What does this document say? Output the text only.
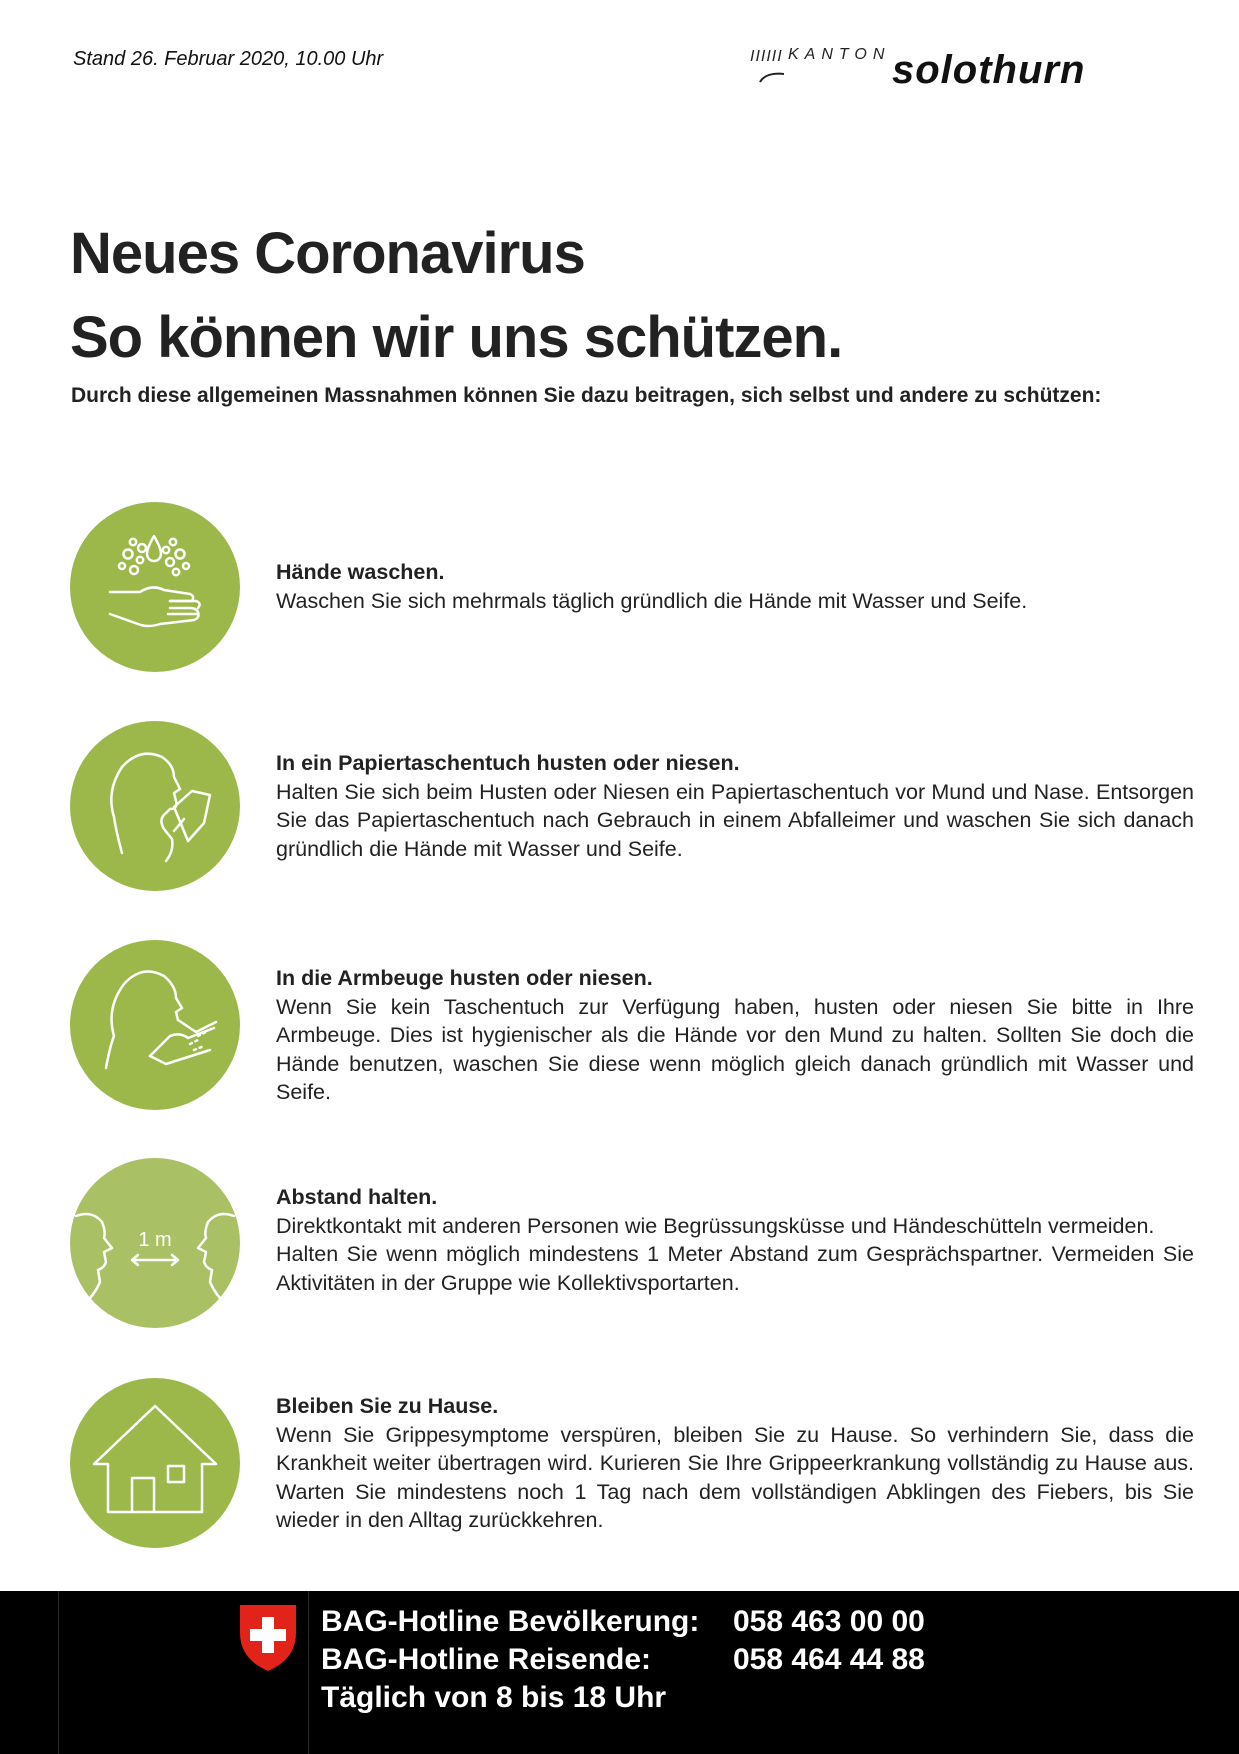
Stand 26. Februar 2020, 10.00 Uhr	IIIIII KANTON solothurn
Neues Coronavirus
So können wir uns schützen.

Durch diese allgemeinen Massnahmen können Sie dazu beitragen, sich selbst und andere zu schützen:

Hände waschen.
Waschen Sie sich mehrmals täglich gründlich die Hände mit Wasser und Seife.
In ein Papiertaschentuch husten oder niesen.
Halten Sie sich beim Husten oder Niesen ein Papiertaschentuch vor Mund und Nase. Entsorgen Sie das Papiertaschentuch nach Gebrauch in einem Abfalleimer und waschen Sie sich danach gründlich die Hände mit Wasser und Seife.
In die Armbeuge husten oder niesen.
Wenn Sie kein Taschentuch zur Verfügung haben, husten oder niesen Sie bitte in Ihre Armbeuge. Dies ist hygienischer als die Hände vor den Mund zu halten. Sollten Sie doch die Hände benutzen, waschen Sie diese wenn möglich gleich danach gründlich mit Wasser und Seife.
1 m
Abstand halten.
Direktkontakt mit anderen Personen wie Begrüssungsküsse und Händeschütteln vermeiden.
Halten Sie wenn möglich mindestens 1 Meter Abstand zum Gesprächspartner. Vermeiden Sie Aktivitäten in der Gruppe wie Kollektivsportarten.
Bleiben Sie zu Hause.
Wenn Sie Grippesymptome verspüren, bleiben Sie zu Hause. So verhindern Sie, dass die Krankheit weiter übertragen wird. Kurieren Sie Ihre Grippeerkrankung vollständig zu Hause aus. Warten Sie mindestens noch 1 Tag nach dem vollständigen Abklingen des Fiebers, bis Sie wieder in den Alltag zurückkehren.
BAG-Hotline Bevölkerung: 058 463 00 00
BAG-Hotline Reisende:	058 464 44 88
Täglich von 8 bis 18 Uhr
